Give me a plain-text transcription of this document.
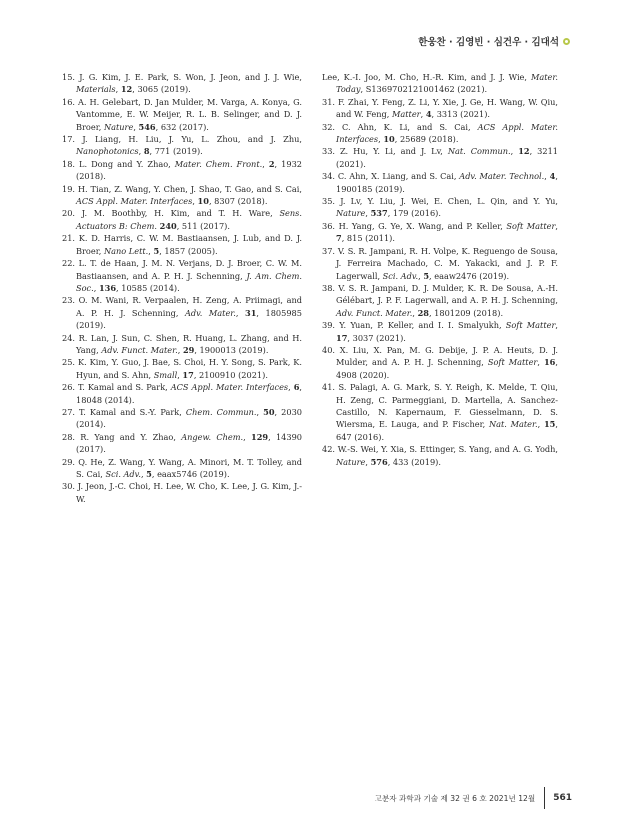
한웅찬 · 김영빈 · 심건우 · 김대석

15. J. G. Kim, J. E. Park, S. Won, J. Jeon, and J. J. Wie, Materials, 12, 3065 (2019).

16. A. H. Gelebart, D. Jan Mulder, M. Varga, A. Konya, G. Vantomme, E. W. Meijer, R. L. B. Selinger, and D. J. Broer, Nature, 546, 632 (2017).

17. J. Liang, H. Liu, J. Yu, L. Zhou, and J. Zhu, Nanophotonics, 8, 771 (2019).

18. L. Dong and Y. Zhao, Mater. Chem. Front., 2, 1932 (2018).

19. H. Tian, Z. Wang, Y. Chen, J. Shao, T. Gao, and S. Cai, ACS Appl. Mater. Interfaces, 10, 8307 (2018).

20. J. M. Boothby, H. Kim, and T. H. Ware, Sens. Actuators B: Chem. 240, 511 (2017).

21. K. D. Harris, C. W. M. Bastiaansen, J. Lub, and D. J. Broer, Nano Lett., 5, 1857 (2005).

22. L. T. de Haan, J. M. N. Verjans, D. J. Broer, C. W. M. Bastiaansen, and A. P. H. J. Schenning, J. Am. Chem. Soc., 136, 10585 (2014).

23. O. M. Wani, R. Verpaalen, H. Zeng, A. Priimagi, and A. P. H. J. Schenning, Adv. Mater., 31, 1805985 (2019).

24. R. Lan, J. Sun, C. Shen, R. Huang, L. Zhang, and H. Yang, Adv. Funct. Mater., 29, 1900013 (2019).

25. K. Kim, Y. Guo, J. Bae, S. Choi, H. Y. Song, S. Park, K. Hyun, and S. Ahn, Small, 17, 2100910 (2021).

26. T. Kamal and S. Park, ACS Appl. Mater. Interfaces, 6, 18048 (2014).

27. T. Kamal and S.-Y. Park, Chem. Commun., 50, 2030 (2014).

28. R. Yang and Y. Zhao, Angew. Chem., 129, 14390 (2017).

29. Q. He, Z. Wang, Y. Wang, A. Minori, M. T. Tolley, and S. Cai, Sci. Adv., 5, eaax5746 (2019).

30. J. Jeon, J.-C. Choi, H. Lee, W. Cho, K. Lee, J. G. Kim, J.-W.

Lee, K.-I. Joo, M. Cho, H.-R. Kim, and J. J. Wie, Mater. Today, S1369702121001462 (2021).

31. F. Zhai, Y. Feng, Z. Li, Y. Xie, J. Ge, H. Wang, W. Qiu, and W. Feng, Matter, 4, 3313 (2021).

32. C. Ahn, K. Li, and S. Cai, ACS Appl. Mater. Interfaces, 10, 25689 (2018).

33. Z. Hu, Y. Li, and J. Lv, Nat. Commun., 12, 3211 (2021).

34. C. Ahn, X. Liang, and S. Cai, Adv. Mater. Technol., 4, 1900185 (2019).

35. J. Lv, Y. Liu, J. Wei, E. Chen, L. Qin, and Y. Yu, Nature, 537, 179 (2016).

36. H. Yang, G. Ye, X. Wang, and P. Keller, Soft Matter, 7, 815 (2011).

37. V. S. R. Jampani, R. H. Volpe, K. Reguengo de Sousa, J. Ferreira Machado, C. M. Yakacki, and J. P. F. Lagerwall, Sci. Adv., 5, eaaw2476 (2019).

38. V. S. R. Jampani, D. J. Mulder, K. R. De Sousa, A.-H. Gélébart, J. P. F. Lagerwall, and A. P. H. J. Schenning, Adv. Funct. Mater., 28, 1801209 (2018).

39. Y. Yuan, P. Keller, and I. I. Smalyukh, Soft Matter, 17, 3037 (2021).

40. X. Liu, X. Pan, M. G. Debije, J. P. A. Heuts, D. J. Mulder, and A. P. H. J. Schenning, Soft Matter, 16, 4908 (2020).

41. S. Palagi, A. G. Mark, S. Y. Reigh, K. Melde, T. Qiu, H. Zeng, C. Parmeggiani, D. Martella, A. Sanchez-Castillo, N. Kapernaum, F. Giesselmann, D. S. Wiersma, E. Lauga, and P. Fischer, Nat. Mater., 15, 647 (2016).

42. W.-S. Wei, Y. Xia, S. Ettinger, S. Yang, and A. G. Yodh, Nature, 576, 433 (2019).

고분자 과학과 기술 제 32 권 6 호 2021년 12월 561
